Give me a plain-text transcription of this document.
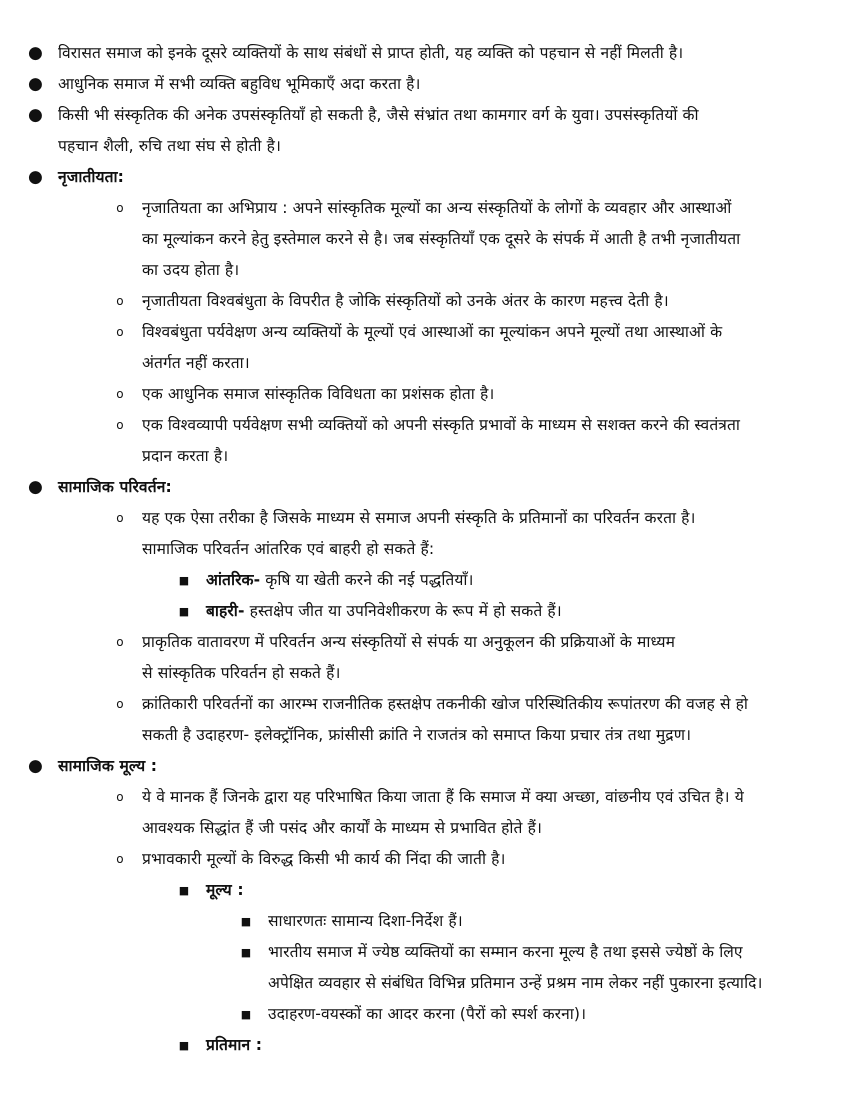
● विरासत समाज को इनके दूसरे व्यक्तियों के साथ संबंधों से प्राप्त होती, यह व्यक्ति को पहचान से नहीं मिलती है।
● आधुनिक समाज में सभी व्यक्ति बहुविध भूमिकाएँ अदा करता है।
● किसी भी संस्कृतिक की अनेक उपसंस्कृतियाँ हो सकती है, जैसे संभ्रांत तथा कामगार वर्ग के युवा। उपसंस्कृतियों की
पहचान शैली, रुचि तथा संघ से होती है।
● नृजातीयता:
o नृजातियता का अभिप्राय : अपने सांस्कृतिक मूल्यों का अन्य संस्कृतियों के लोगों के व्यवहार और आस्थाओं
का मूल्यांकन करने हेतु इस्तेमाल करने से है। जब संस्कृतियाँ एक दूसरे के संपर्क में आती है तभी नृजातीयता
का उदय होता है।
o नृजातीयता विश्वबंधुता के विपरीत है जोकि संस्कृतियों को उनके अंतर के कारण महत्त्व देती है।
o विश्वबंधुता पर्यवेक्षण अन्य व्यक्तियों के मूल्यों एवं आस्थाओं का मूल्यांकन अपने मूल्यों तथा आस्थाओं के
अंतर्गत नहीं करता।
o एक आधुनिक समाज सांस्कृतिक विविधता का प्रशंसक होता है।
o एक विश्वव्यापी पर्यवेक्षण सभी व्यक्तियों को अपनी संस्कृति प्रभावों के माध्यम से सशक्त करने की स्वतंत्रता
प्रदान करता है।
● सामाजिक परिवर्तन:
o यह एक ऐसा तरीका है जिसके माध्यम से समाज अपनी संस्कृति के प्रतिमानों का परिवर्तन करता है।
सामाजिक परिवर्तन आंतरिक एवं बाहरी हो सकते हैं:
■ आंतरिक- कृषि या खेती करने की नई पद्धतियाँ।
■ बाहरी- हस्तक्षेप जीत या उपनिवेशीकरण के रूप में हो सकते हैं।
o प्राकृतिक वातावरण में परिवर्तन अन्य संस्कृतियों से संपर्क या अनुकूलन की प्रक्रियाओं के माध्यम
से सांस्कृतिक परिवर्तन हो सकते हैं।
o क्रांतिकारी परिवर्तनों का आरम्भ राजनीतिक हस्तक्षेप तकनीकी खोज परिस्थितिकीय रूपांतरण की वजह से हो
सकती है उदाहरण- इलेक्ट्रॉनिक, फ्रांसीसी क्रांति ने राजतंत्र को समाप्त किया प्रचार तंत्र तथा मुद्रण।
● सामाजिक मूल्य :
o ये वे मानक हैं जिनके द्वारा यह परिभाषित किया जाता हैं कि समाज में क्या अच्छा, वांछनीय एवं उचित है। ये
आवश्यक सिद्धांत हैं जी पसंद और कार्यों के माध्यम से प्रभावित होते हैं।
o प्रभावकारी मूल्यों के विरुद्ध किसी भी कार्य की निंदा की जाती है।
■ मूल्य :
■ साधारणतः सामान्य दिशा-निर्देश हैं।
■ भारतीय समाज में ज्येष्ठ व्यक्तियों का सम्मान करना मूल्य है तथा इससे ज्येष्ठों के लिए
अपेक्षित व्यवहार से संबंधित विभिन्न प्रतिमान उन्हें प्रश्रम नाम लेकर नहीं पुकारना इत्यादि।
■ उदाहरण-वयस्कों का आदर करना (पैरों को स्पर्श करना)।
■ प्रतिमान :
